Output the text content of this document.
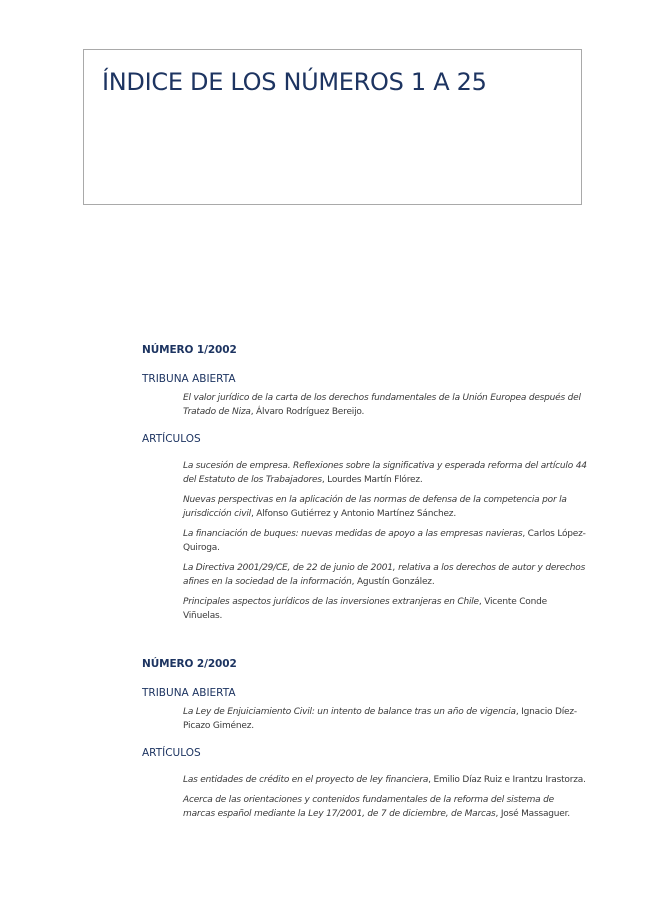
ÍNDICE DE LOS NÚMEROS 1 A 25
NÚMERO 1/2002
TRIBUNA ABIERTA

El valor jurídico de la carta de los derechos fundamentales de la Unión Europea después del Tratado de Niza, Álvaro Rodríguez Bereijo.

ARTÍCULOS

La sucesión de empresa. Reflexiones sobre la significativa y esperada reforma del artículo 44 del Estatuto de los Trabajadores, Lourdes Martín Flórez.

Nuevas perspectivas en la aplicación de las normas de defensa de la competencia por la jurisdicción civil, Alfonso Gutiérrez y Antonio Martínez Sánchez.

La financiación de buques: nuevas medidas de apoyo a las empresas navieras, Carlos López-Quiroga.

La Directiva 2001/29/CE, de 22 de junio de 2001, relativa a los derechos de autor y derechos afines en la sociedad de la información, Agustín González.

Principales aspectos jurídicos de las inversiones extranjeras en Chile, Vicente Conde Viñuelas.

NÚMERO 2/2002
TRIBUNA ABIERTA

La Ley de Enjuiciamiento Civil: un intento de balance tras un año de vigencia, Ignacio Díez-Picazo Giménez.

ARTÍCULOS

Las entidades de crédito en el proyecto de ley financiera, Emilio Díaz Ruiz e Irantzu Irastorza.

Acerca de las orientaciones y contenidos fundamentales de la reforma del sistema de marcas español mediante la Ley 17/2001, de 7 de diciembre, de Marcas, José Massaguer.
